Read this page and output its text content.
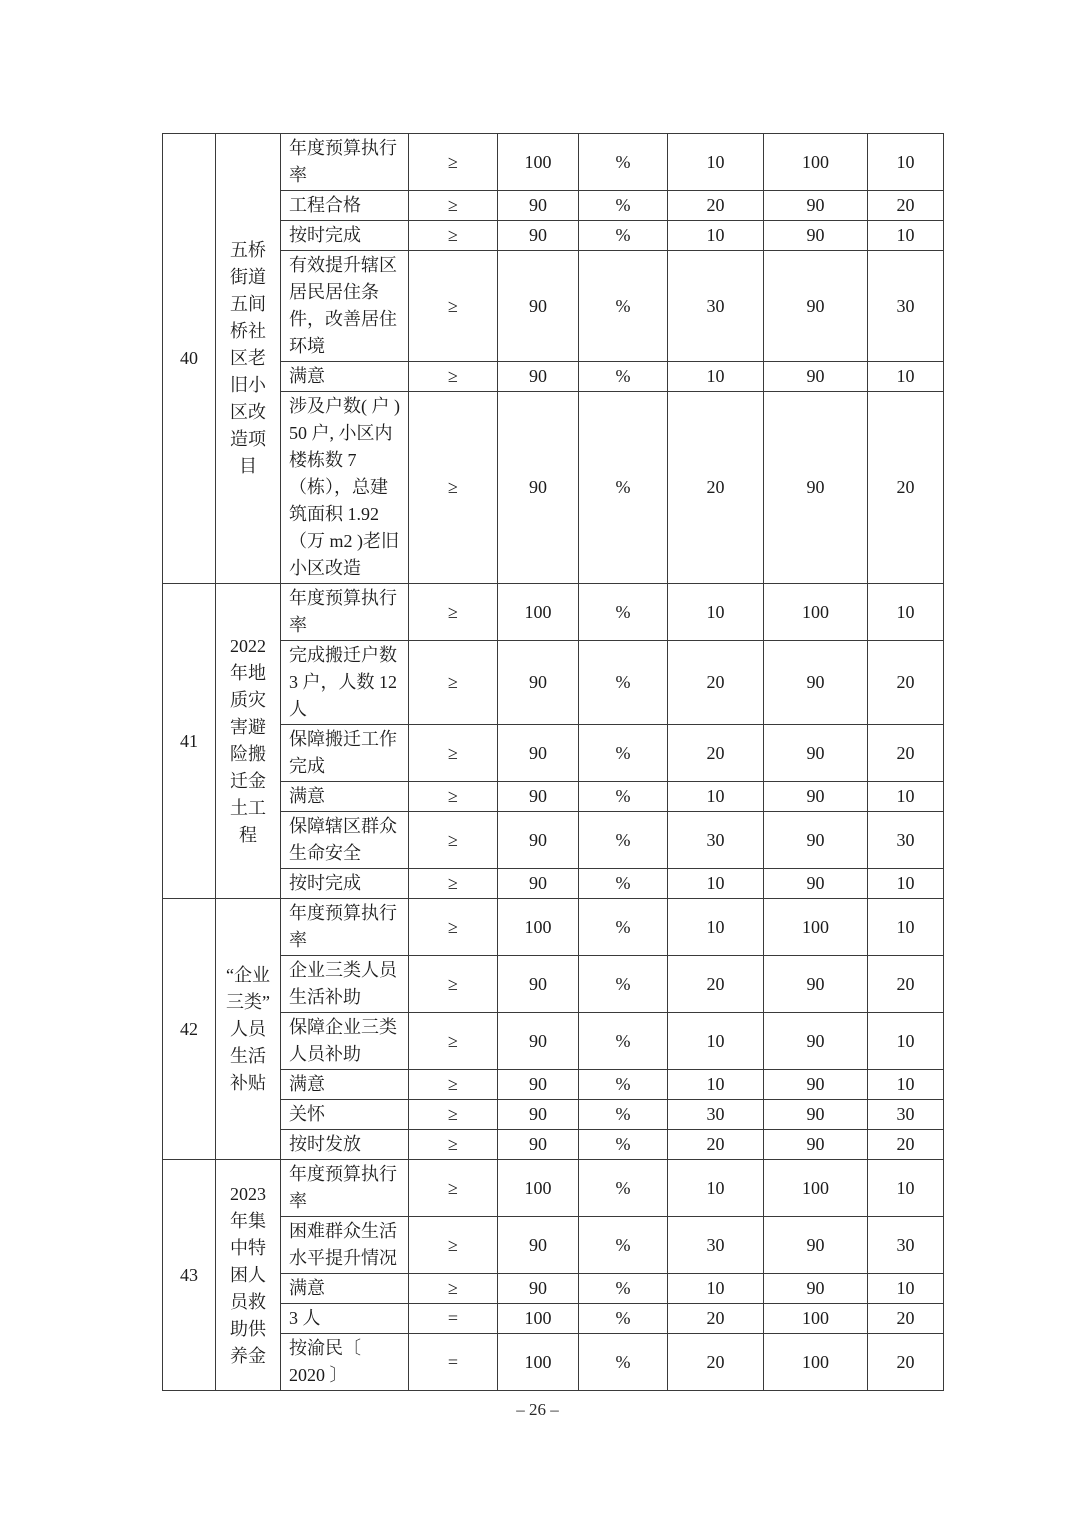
40	五桥街道五间桥社区老旧小区改造项目	年度预算执行率	≥	100	%	10	100	10
		工程合格	≥	90	%	20	90	20
		按时完成	≥	90	%	10	90	10
		有效提升辖区居民居住条件，改善居住环境	≥	90	%	30	90	30
		满意	≥	90	%	10	90	10
		涉及户数( 户 ) 50 户, 小区内楼栋数 7 （栋），总建筑面积 1.92 （万 m2 )老旧小区改造	≥	90	%	20	90	20
41	2022年地质灾害避险搬迁金土工程	年度预算执行率	≥	100	%	10	100	10
		完成搬迁户数 3 户，人数 12 人	≥	90	%	20	90	20
		保障搬迁工作完成	≥	90	%	20	90	20
		满意	≥	90	%	10	90	10
		保障辖区群众生命安全	≥	90	%	30	90	30
		按时完成	≥	90	%	10	90	10
42	“企业三类”人员生活补贴	年度预算执行率	≥	100	%	10	100	10
		企业三类人员生活补助	≥	90	%	20	90	20
		保障企业三类人员补助	≥	90	%	10	90	10
		满意	≥	90	%	10	90	10
		关怀	≥	90	%	30	90	30
		按时发放	≥	90	%	20	90	20
43	2023年集中特困人员救助供养金	年度预算执行率	≥	100	%	10	100	10
		困难群众生活水平提升情况	≥	90	%	30	90	30
		满意	≥	90	%	10	90	10
		3 人	=	100	%	20	100	20
		按渝民〔 2020 〕	=	100	%	20	100	20
– 26 –
